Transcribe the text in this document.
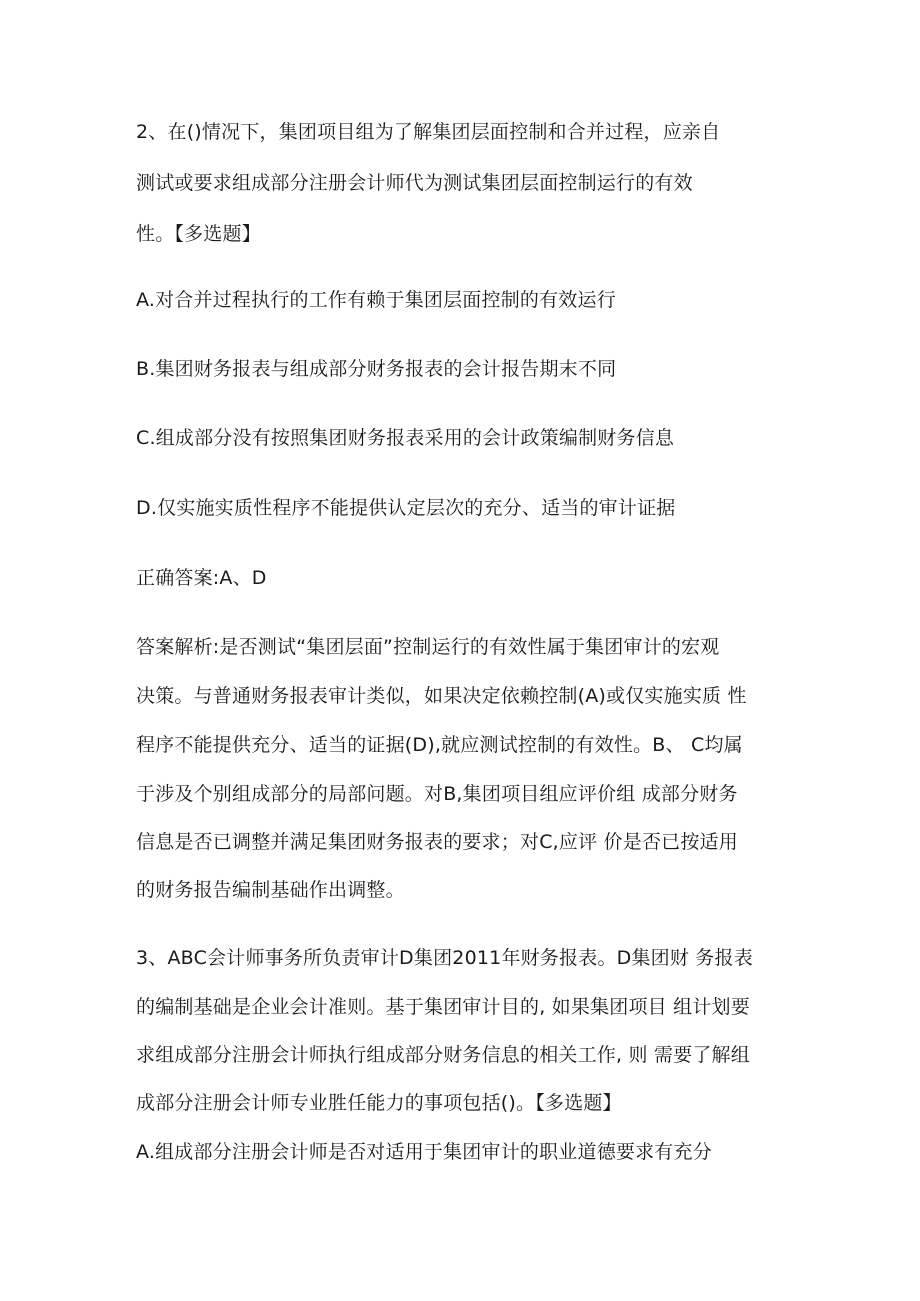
2、在()情况下，集团项目组为了解集团层面控制和合并过程，应亲自
测试或要求组成部分注册会计师代为测试集团层面控制运行的有效
性。【多选题】
A.对合并过程执行的工作有赖于集团层面控制的有效运行
B.集团财务报表与组成部分财务报表的会计报告期末不同
C.组成部分没有按照集团财务报表采用的会计政策编制财务信息
D.仅实施实质性程序不能提供认定层次的充分、适当的审计证据
正确答案:A、D
答案解析:是否测试“集团层面”控制运行的有效性属于集团审计的宏观
决策。与普通财务报表审计类似，如果决定依赖控制(A)或仅实施实质 性
程序不能提供充分、适当的证据(D),就应测试控制的有效性。B、 C均属
于涉及个别组成部分的局部问题。对B,集团项目组应评价组 成部分财务
信息是否已调整并满足集团财务报表的要求；对C,应评 价是否已按适用
的财务报告编制基础作出调整。
3、ABC会计师事务所负责审计D集团2011年财务报表。D集团财 务报表
的编制基础是企业会计准则。基于集团审计目的, 如果集团项目 组计划要
求组成部分注册会计师执行组成部分财务信息的相关工作, 则 需要了解组
成部分注册会计师专业胜任能力的事项包括()。【多选题】
A.组成部分注册会计师是否对适用于集团审计的职业道德要求有充分
